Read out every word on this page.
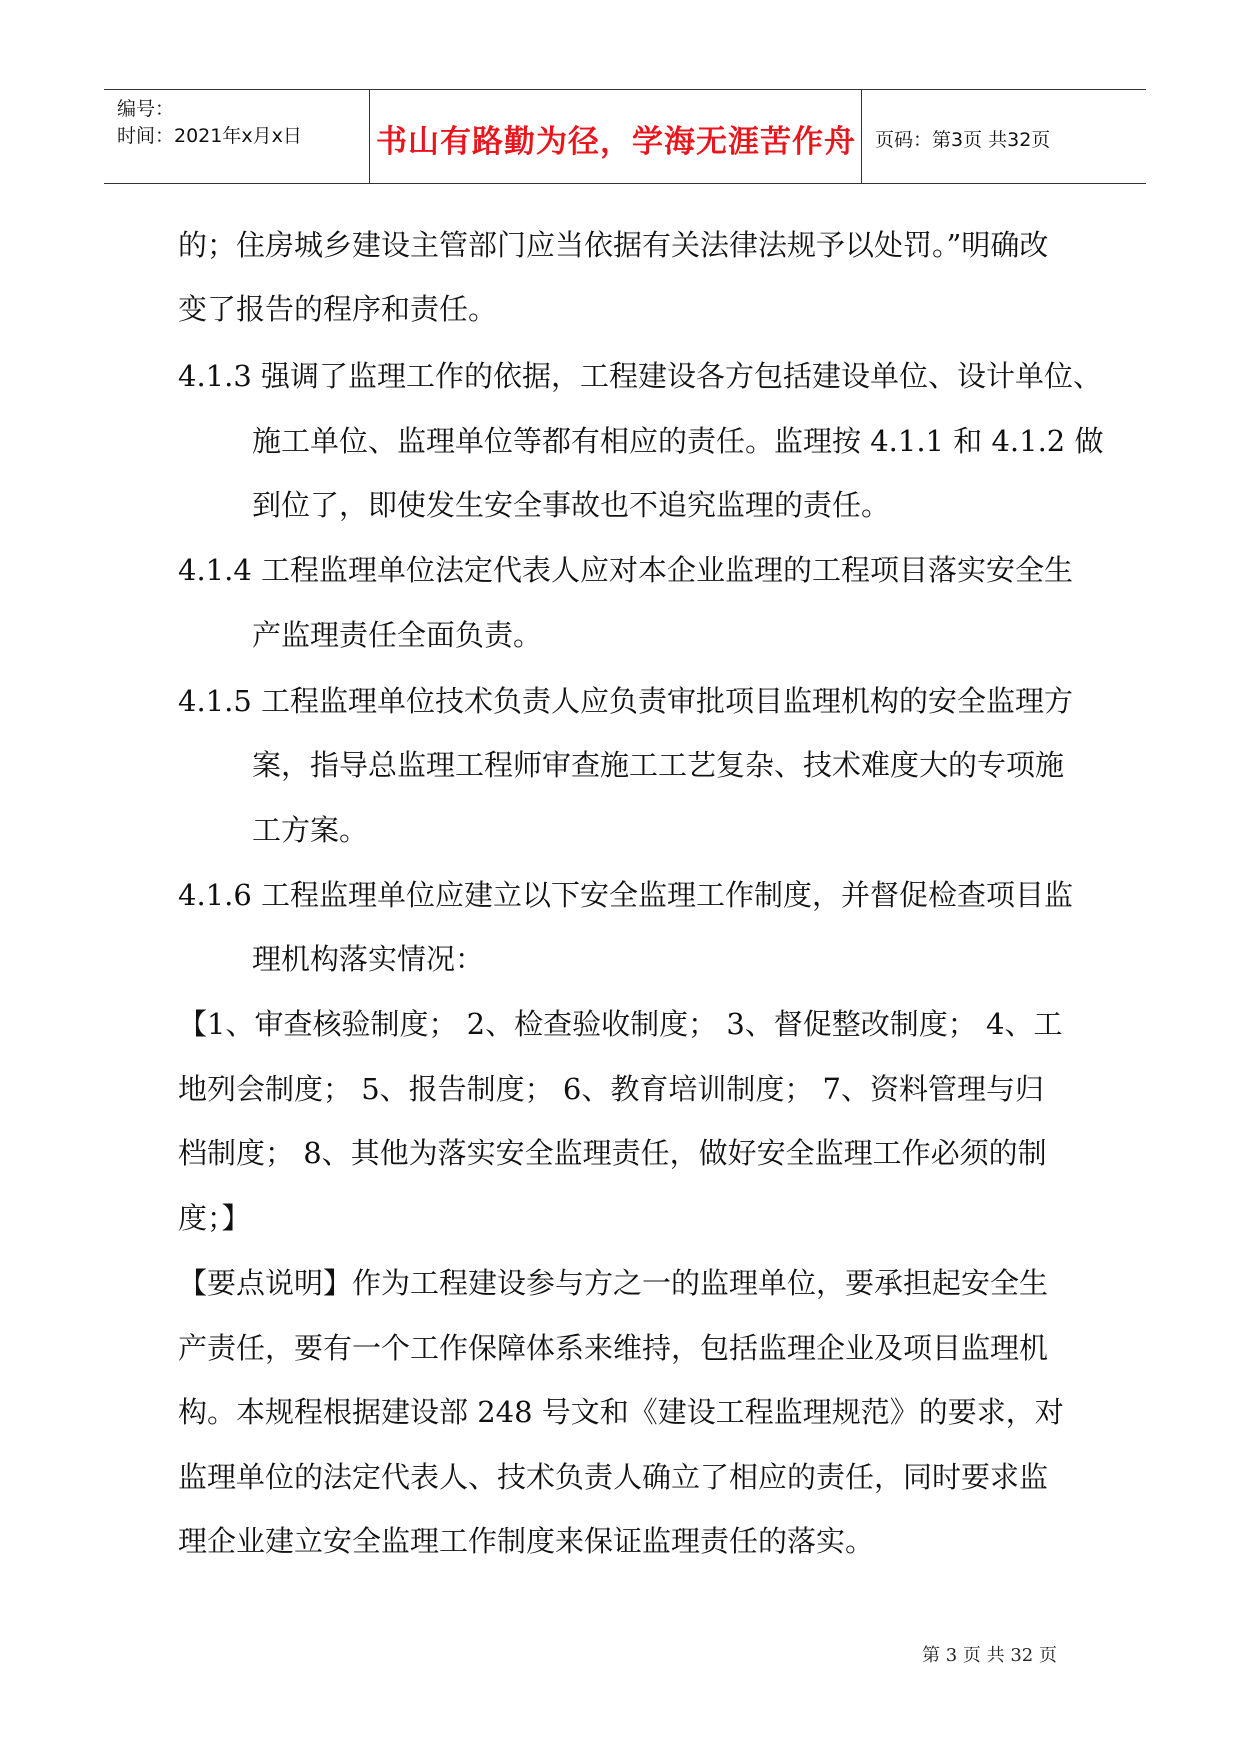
编号：
时间：2021年x月x日 书山有路勤为径，学海无涯苦作舟 页码：第3页 共32页
的；住房城乡建设主管部门应当依据有关法律法规予以处罚。”明确改
变了报告的程序和责任。
4.1.3 强调了监理工作的依据，工程建设各方包括建设单位、设计单位、
施工单位、监理单位等都有相应的责任。监理按 4.1.1 和 4.1.2 做
到位了，即使发生安全事故也不追究监理的责任。
4.1.4 工程监理单位法定代表人应对本企业监理的工程项目落实安全生
产监理责任全面负责。
4.1.5 工程监理单位技术负责人应负责审批项目监理机构的安全监理方
案，指导总监理工程师审查施工工艺复杂、技术难度大的专项施
工方案。
4.1.6 工程监理单位应建立以下安全监理工作制度，并督促检查项目监
理机构落实情况：
【1、审查核验制度； 2、检查验收制度； 3、督促整改制度； 4、工
地列会制度； 5、报告制度； 6、教育培训制度； 7、资料管理与归
档制度； 8、其他为落实安全监理责任，做好安全监理工作必须的制
度；】
【要点说明】作为工程建设参与方之一的监理单位，要承担起安全生
产责任，要有一个工作保障体系来维持，包括监理企业及项目监理机
构。本规程根据建设部 248 号文和《建设工程监理规范》的要求，对
监理单位的法定代表人、技术负责人确立了相应的责任，同时要求监
理企业建立安全监理工作制度来保证监理责任的落实。
第 3 页 共 32 页
